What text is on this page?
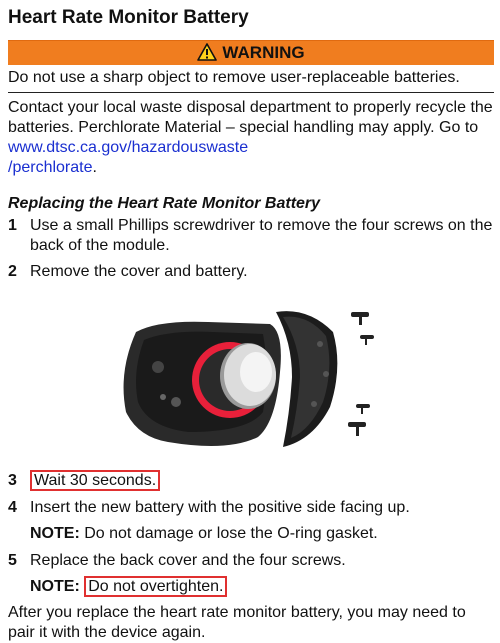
Heart Rate Monitor Battery
WARNING
Do not use a sharp object to remove user-replaceable batteries.
Contact your local waste disposal department to properly recycle the batteries. Perchlorate Material – special handling may apply. Go to www.dtsc.ca.gov/hazardouswaste
/perchlorate.
Replacing the Heart Rate Monitor Battery
1 Use a small Phillips screwdriver to remove the four screws on the back of the module.
2 Remove the cover and battery.
3	Wait 30 seconds.
4 Insert the new battery with the positive side facing up.
NOTE: Do not damage or lose the O-ring gasket.
5 Replace the back cover and the four screws.
NOTE: Do not overtighten.
After you replace the heart rate monitor battery, you may need to pair it with the device again.
